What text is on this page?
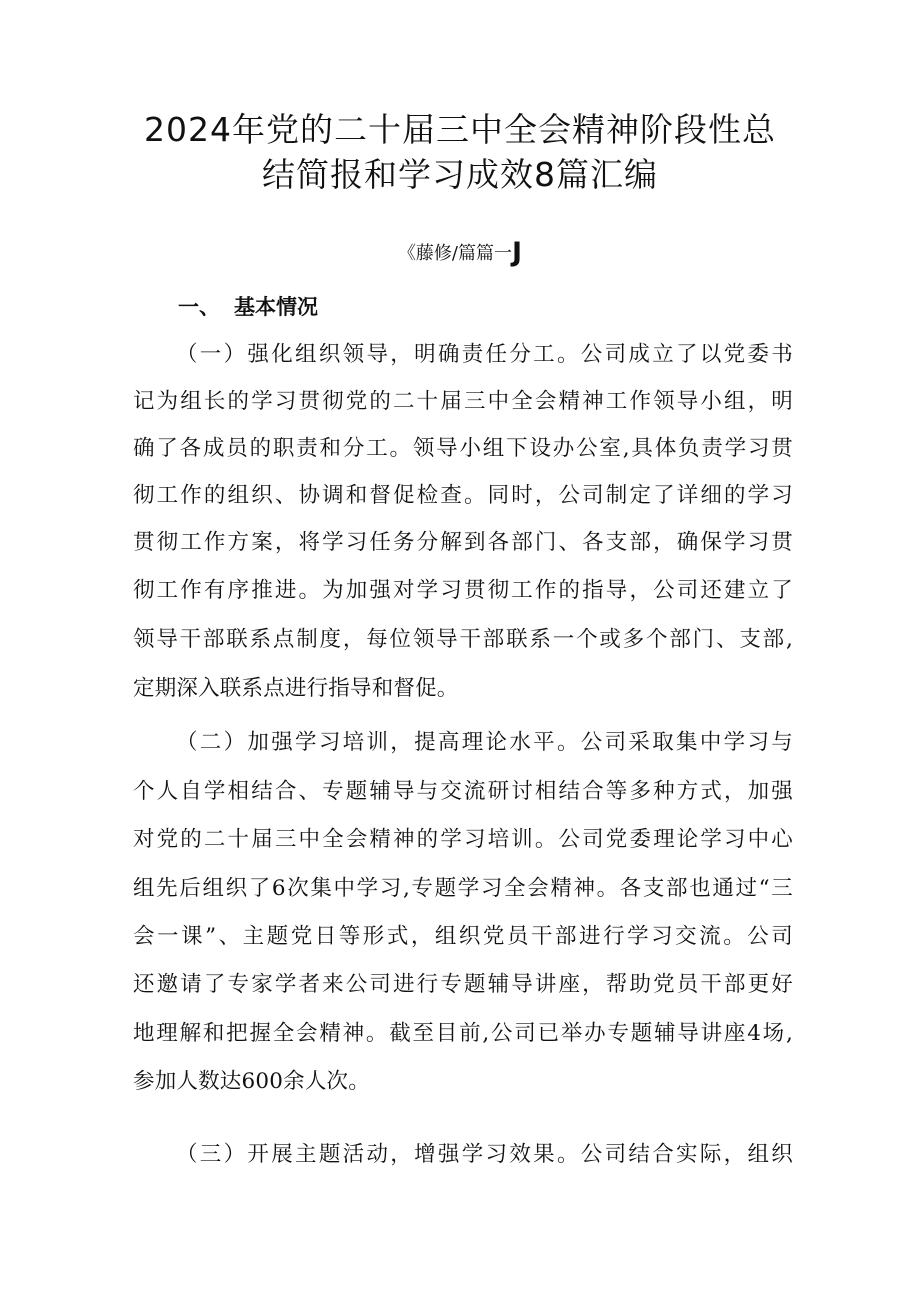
2024年党的二十届三中全会精神阶段性总
结简报和学习成效8篇汇编
《藤修/篇篇一J
一、 基本情况
（一）强化组织领导，明确责任分工。公司成立了以党委书
记为组长的学习贯彻党的二十届三中全会精神工作领导小组，明
确了各成员的职责和分工。领导小组下设办公室,具体负责学习贯
彻工作的组织、协调和督促检查。同时，公司制定了详细的学习
贯彻工作方案，将学习任务分解到各部门、各支部，确保学习贯
彻工作有序推进。为加强对学习贯彻工作的指导，公司还建立了
领导干部联系点制度，每位领导干部联系一个或多个部门、支部,
定期深入联系点进行指导和督促。
（二）加强学习培训，提高理论水平。公司采取集中学习与
个人自学相结合、专题辅导与交流研讨相结合等多种方式，加强
对党的二十届三中全会精神的学习培训。公司党委理论学习中心
组先后组织了6次集中学习,专题学习全会精神。各支部也通过“三
会一课”、主题党日等形式，组织党员干部进行学习交流。公司
还邀请了专家学者来公司进行专题辅导讲座，帮助党员干部更好
地理解和把握全会精神。截至目前,公司已举办专题辅导讲座4场,
参加人数达600余人次。
（三）开展主题活动，增强学习效果。公司结合实际，组织
